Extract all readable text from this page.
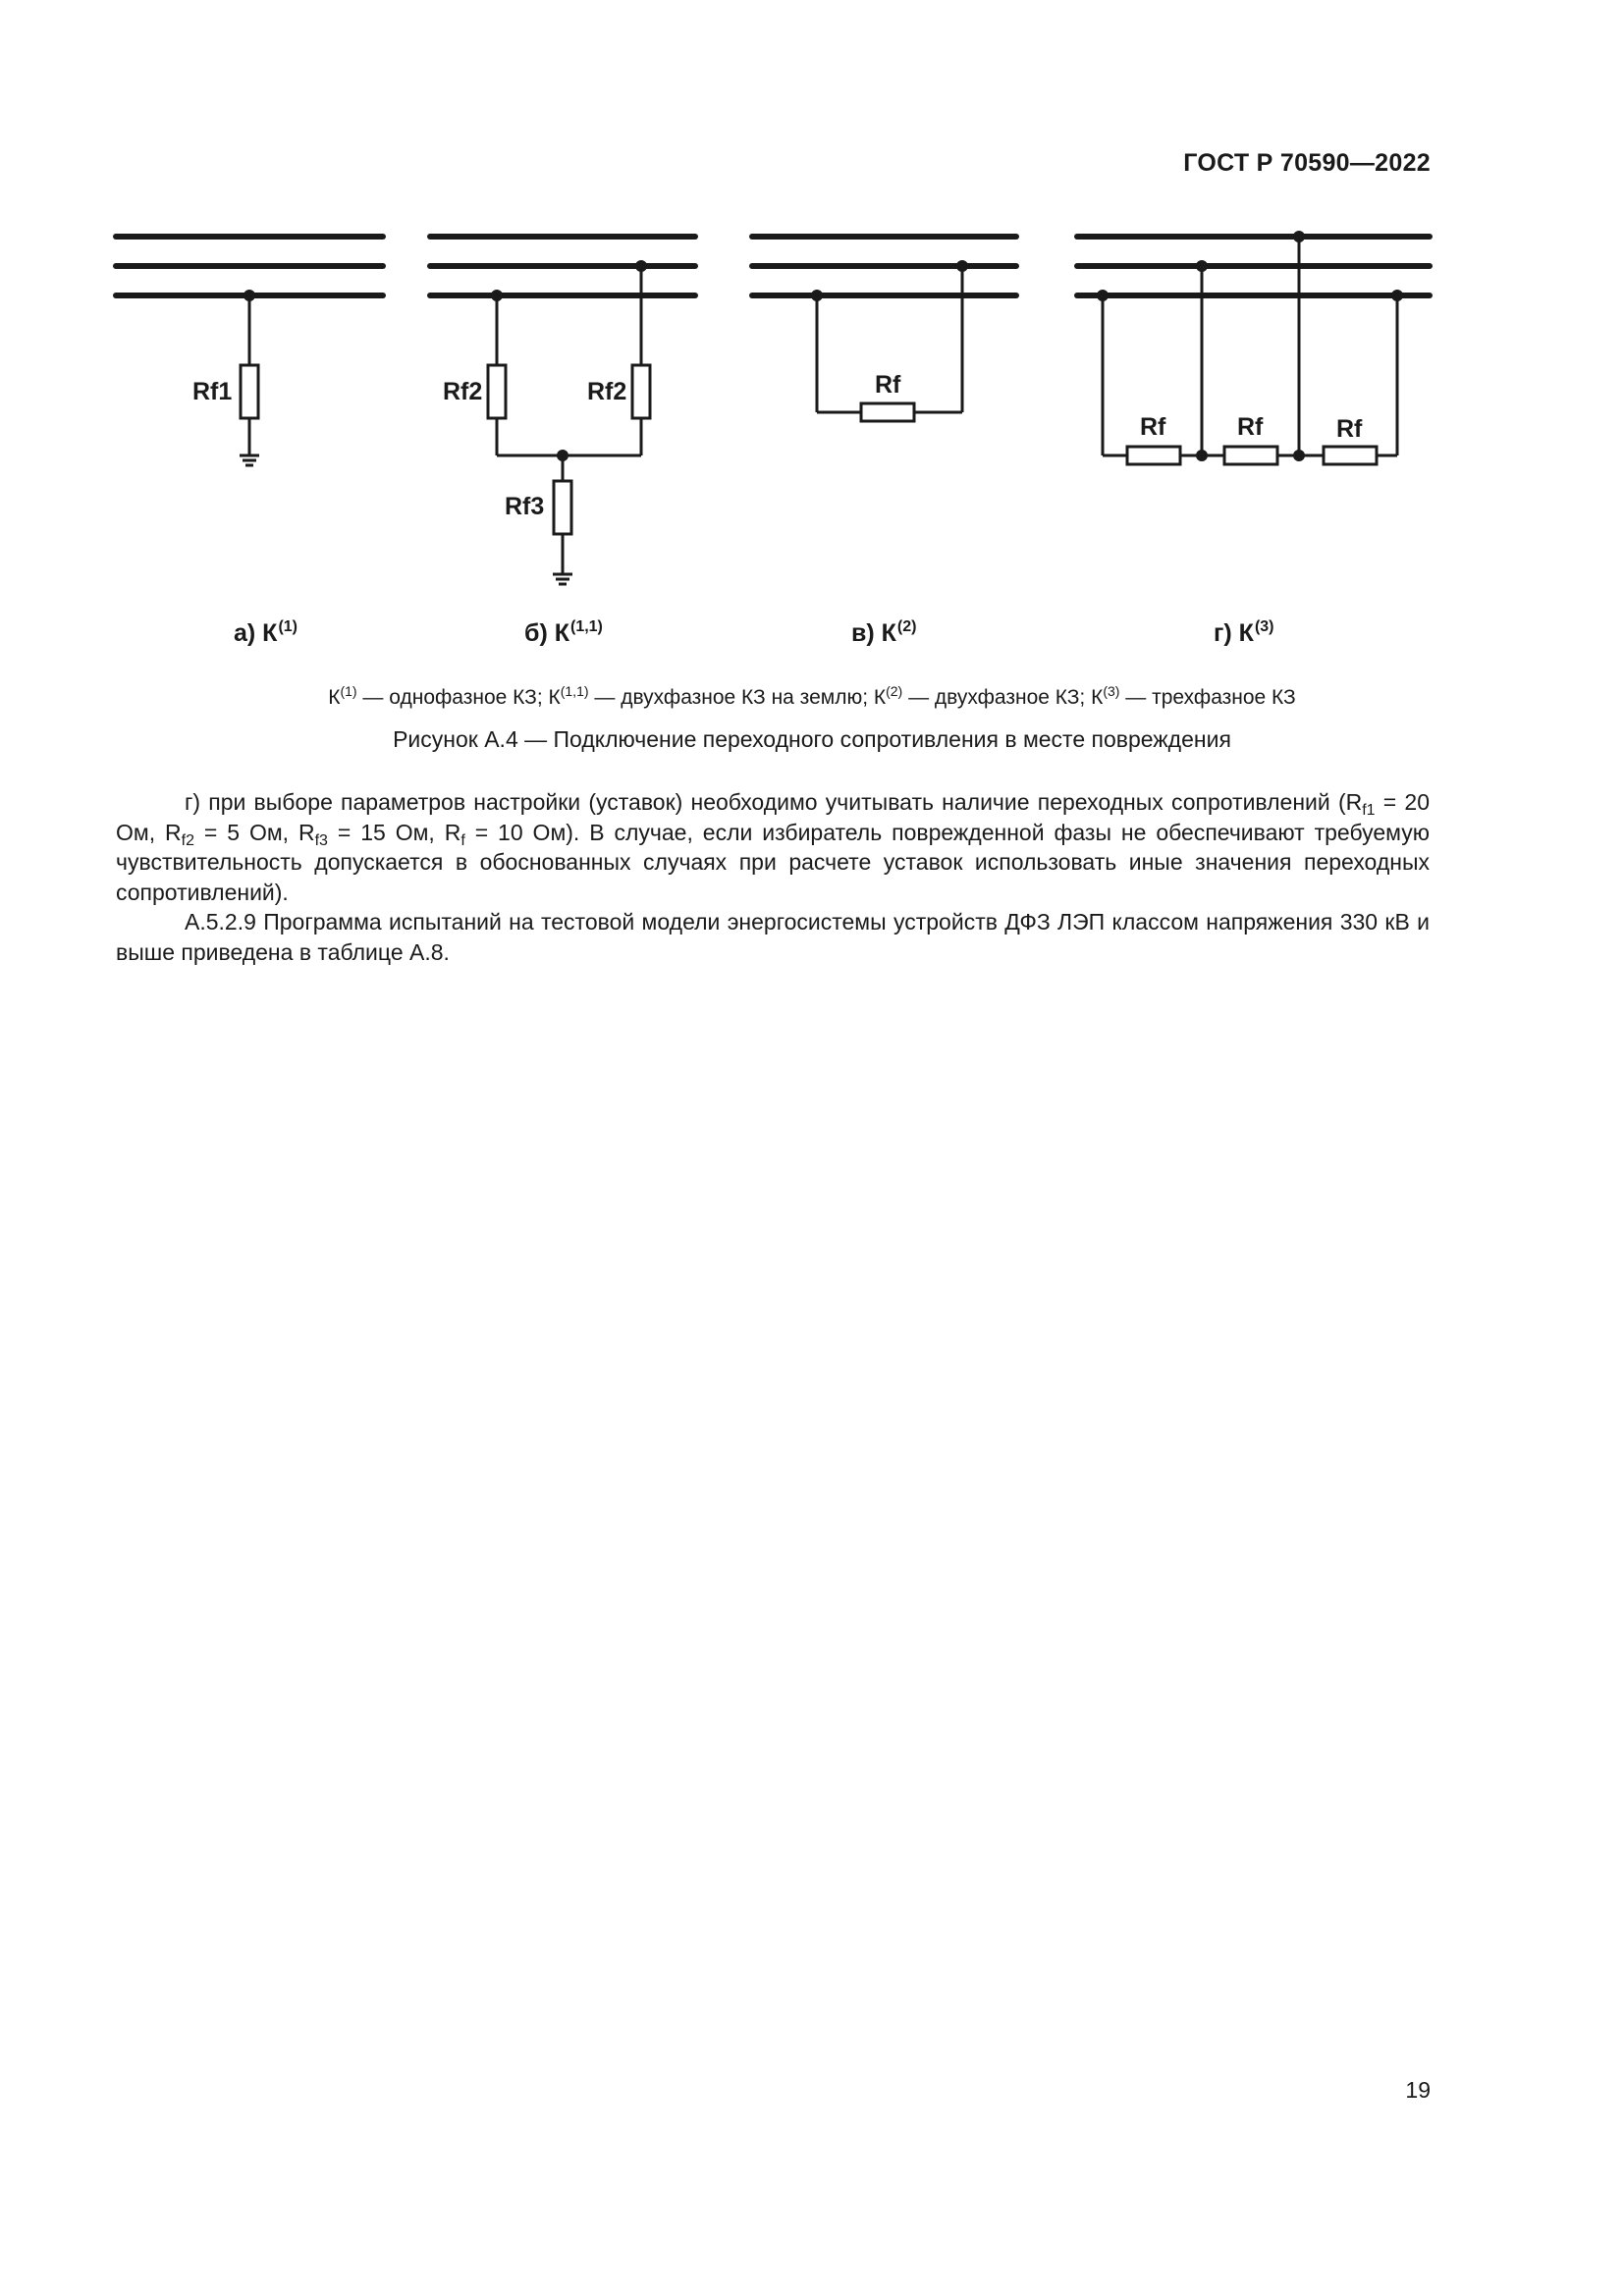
ГОСТ Р 70590—2022
Rf1	Rf2	Rf2
Rf3
Rf
Rf	Rf	Rf
а) $К^{(1)}$	б) К$^{(1,1)}$	в) $К^{(2)}$	г) $К^{(3)}$
$К^{(1)}$ — однофазное КЗ; К$^{(1,1)}$ — двухфазное КЗ на землю; $К^{(2)}$ — двухфазное КЗ; $К^{(3)}$ — трехфазное КЗ
Рисунок А.4 — Подключение переходного сопротивления в месте повреждения

г) при выборе параметров настройки (уставок) необходимо учитывать наличие переходных сопротивлений ($R_{f1} = 20$ Ом, $R_{f2} = 5$ Ом, $R_{f3} = 15$ Ом, $R_f = 10$ Ом). В случае, если избиратель поврежденной фазы не обеспечивают требуемую чувствительность допускается в обоснованных случаях при расчете уставок использовать иные значения переходных сопротивлений).

А.5.2.9 Программа испытаний на тестовой модели энергосистемы устройств ДФЗ ЛЭП классом напряжения 330 кВ и выше приведена в таблице А.8.

19
